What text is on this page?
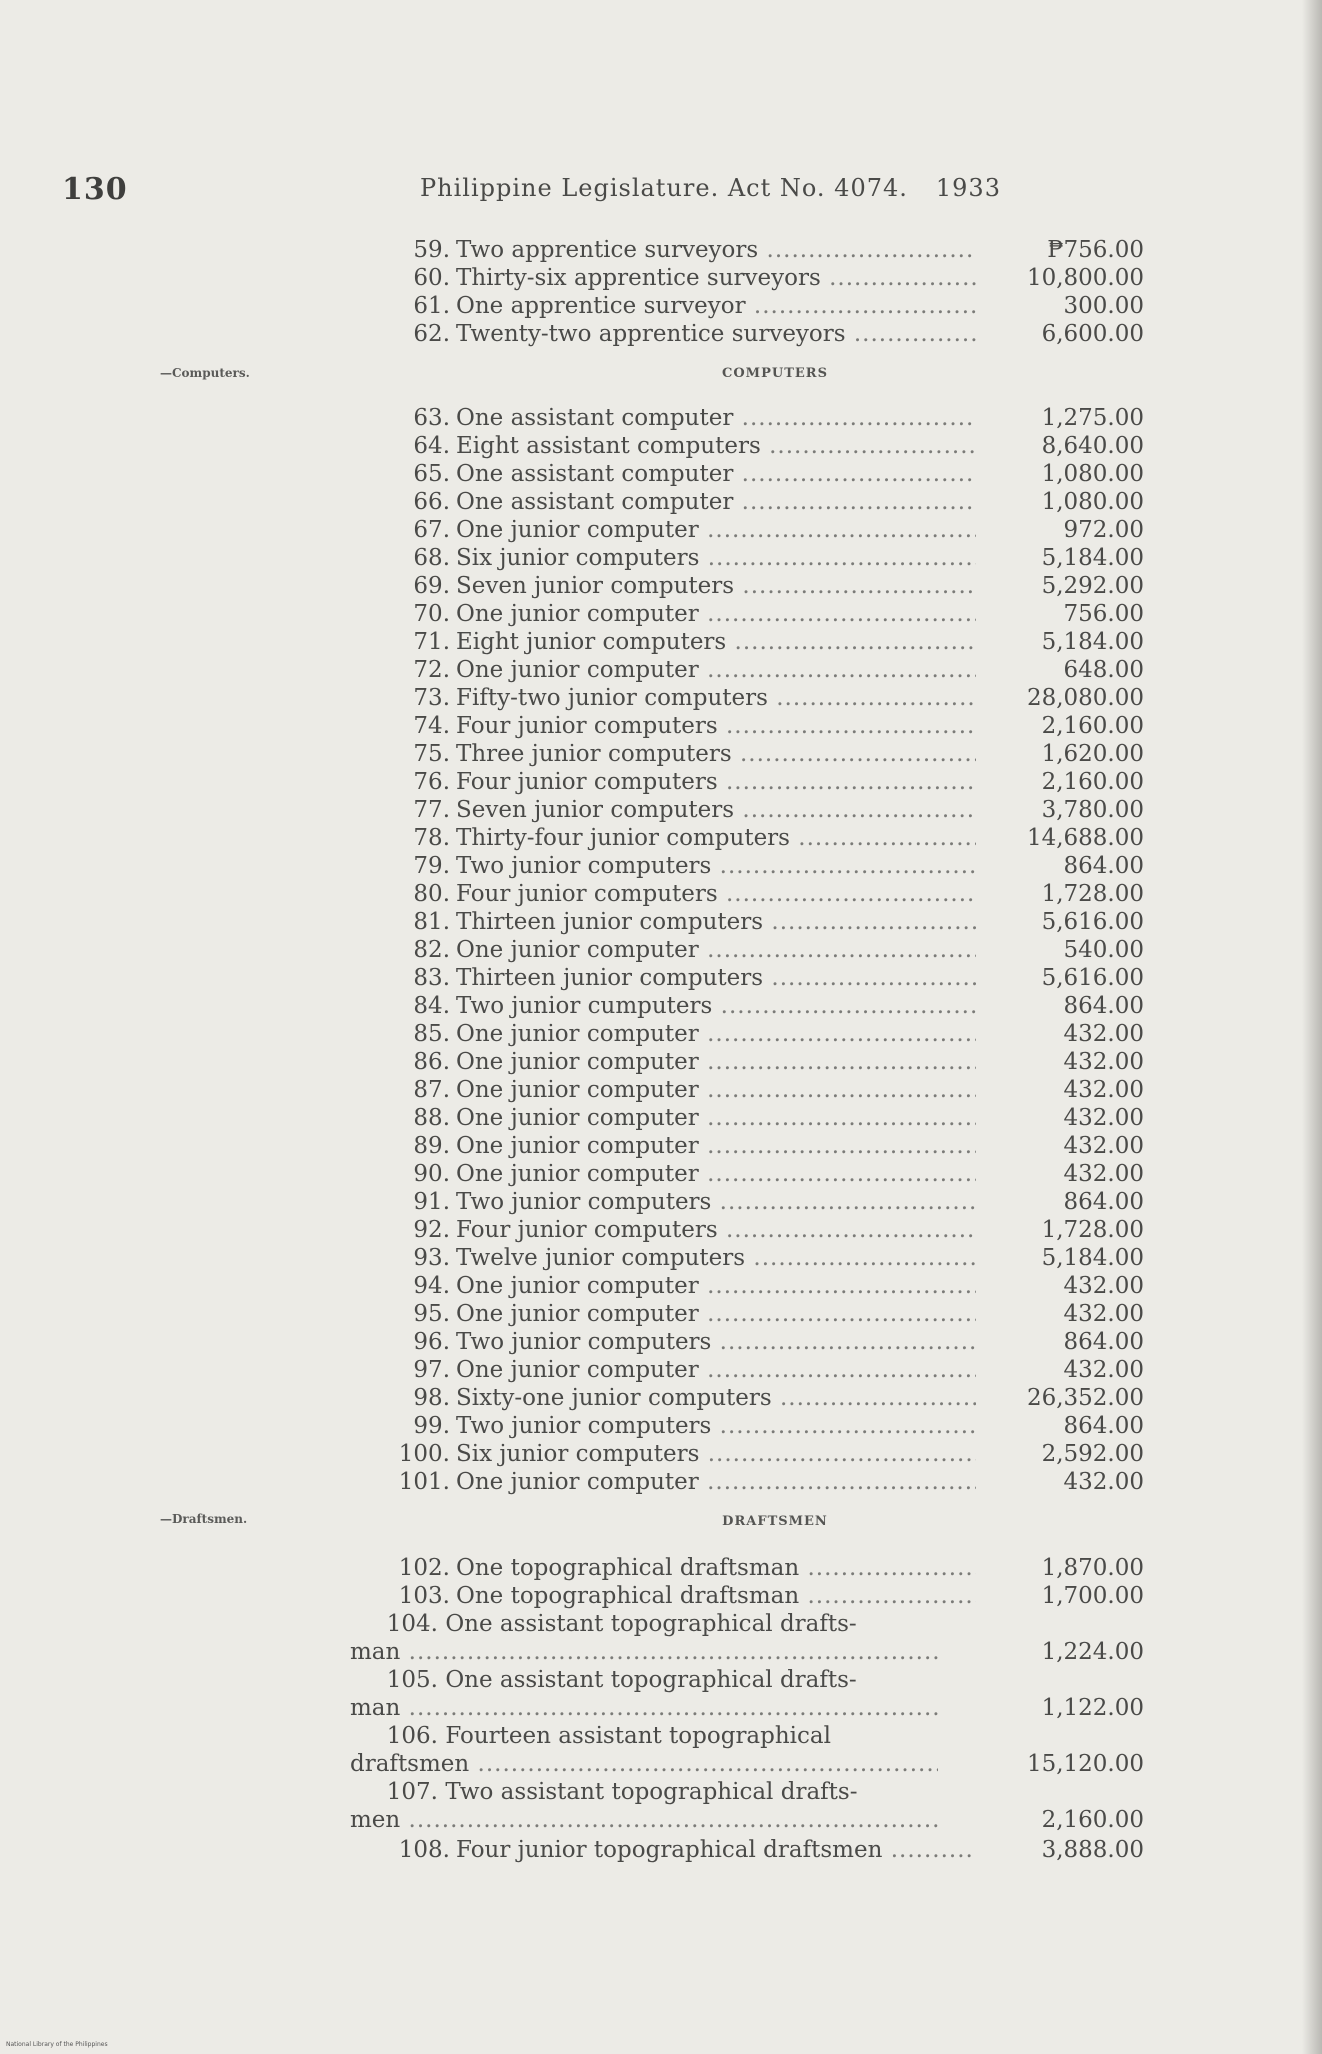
130	Philippine Legislature. Act No. 4074. 1933
—Computers.	COMPUTERS
—Draftsmen.	DRAFTSMEN
59. Two apprentice surveyors .....	₱756.00
60. Thirty-six apprentice surveyors .....	10,800.00
61. One apprentice surveyor .....	300.00
62. Twenty-two apprentice surveyors .....	6,600.00
63. One assistant computer .....	1,275.00
64. Eight assistant computers .....	8,640.00
65. One assistant computer .....	1,080.00
66. One assistant computer .....	1,080.00
67. One junior computer .....	972.00
68. Six junior computers .....	5,184.00
69. Seven junior computers .....	5,292.00
70. One junior computer .....	756.00
71. Eight junior computers .....	5,184.00
72. One junior computer .....	648.00
73. Fifty-two junior computers .....	28,080.00
74. Four junior computers .....	2,160.00
75. Three junior computers .....	1,620.00
76. Four junior computers .....	2,160.00
77. Seven junior computers .....	3,780.00
78. Thirty-four junior computers .....	14,688.00
79. Two junior computers .....	864.00
80. Four junior computers .....	1,728.00
81. Thirteen junior computers .....	5,616.00
82. One junior computer .....	540.00
83. Thirteen junior computers .....	5,616.00
84. Two junior cumputers .....	864.00
85. One junior computer .....	432.00
86. One junior computer .....	432.00
87. One junior computer .....	432.00
88. One junior computer .....	432.00
89. One junior computer .....	432.00
90. One junior computer .....	432.00
91. Two junior computers .....	864.00
92. Four junior computers .....	1,728.00
93. Twelve junior computers .....	5,184.00
94. One junior computer .....	432.00
95. One junior computer .....	432.00
96. Two junior computers .....	864.00
97. One junior computer .....	432.00
98. Sixty-one junior computers .....	26,352.00
99. Two junior computers .....	864.00
100. Six junior computers .....	2,592.00
101. One junior computer .....	432.00
102. One topographical draftsman .....	1,870.00
103. One topographical draftsman .....	1,700.00
104. One assistant topographical drafts-
man .....	1,224.00
105. One assistant topographical drafts-
man .....	1,122.00
106. Fourteen assistant topographical
draftsmen .....	15,120.00
107. Two assistant topographical drafts-
men .....	2,160.00
108. Four junior topographical draftsmen .....	3,888.00
National Library of the Philippines
